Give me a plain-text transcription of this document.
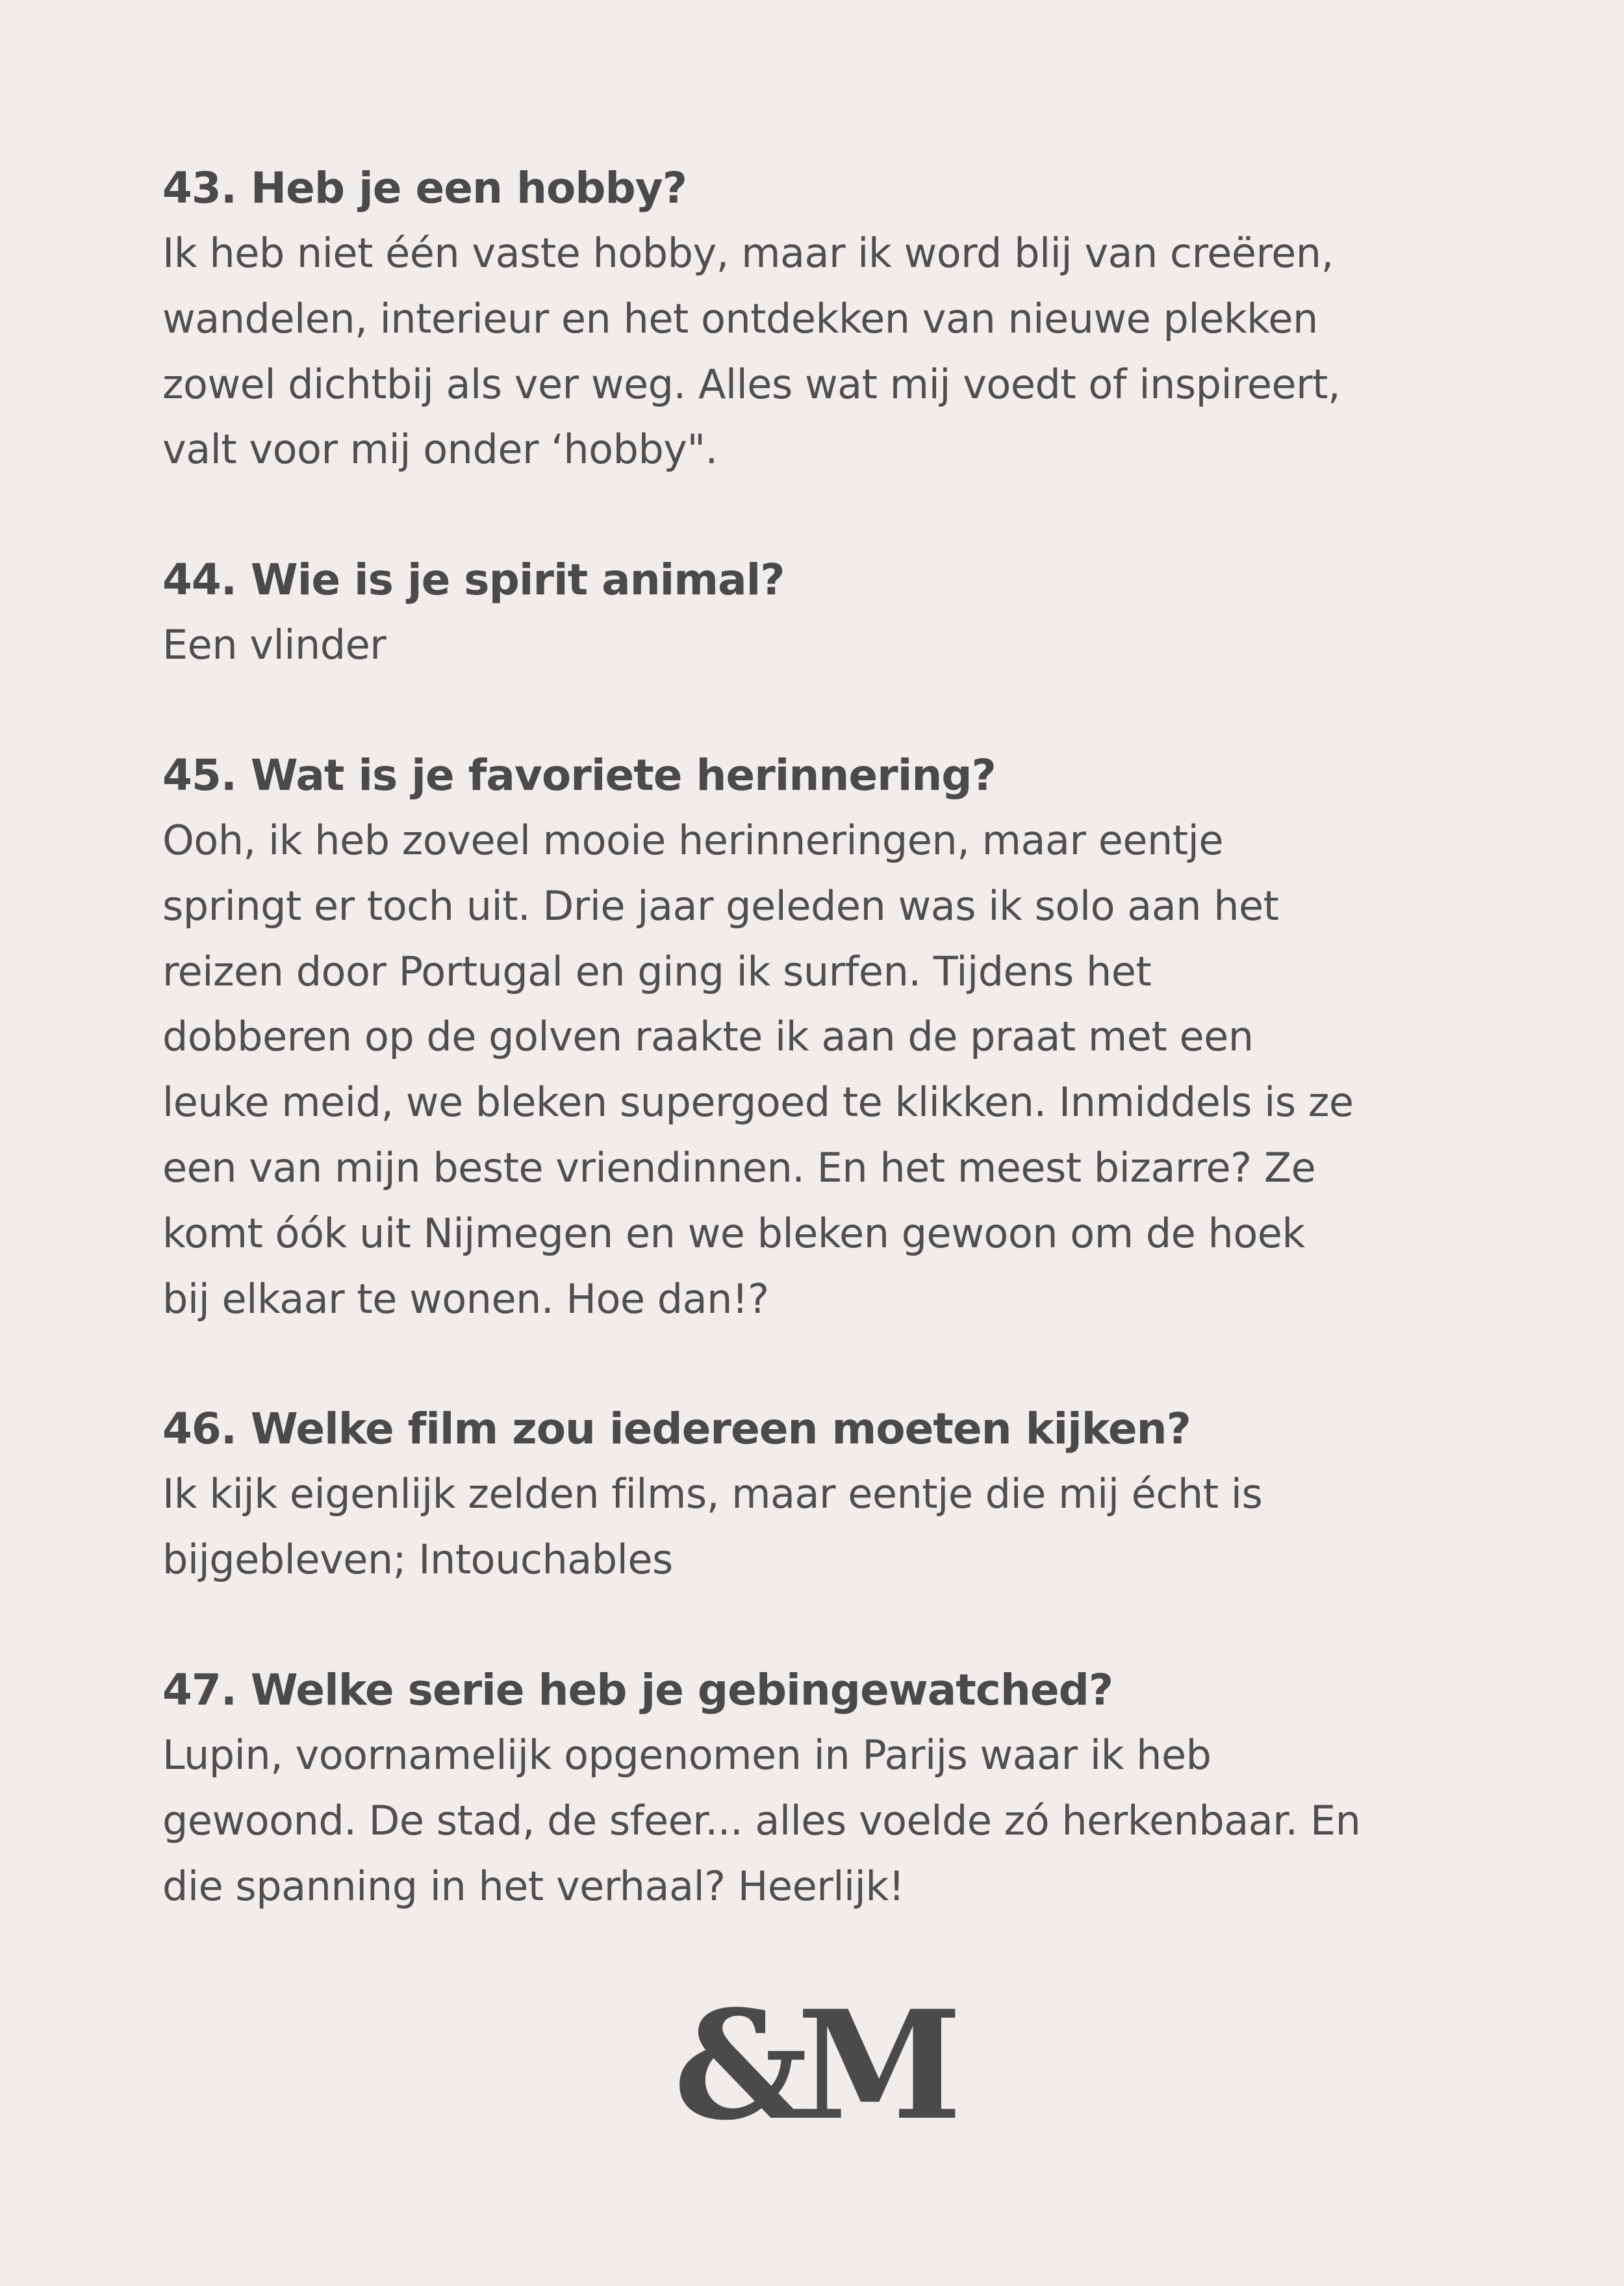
43. Heb je een hobby?

Ik heb niet één vaste hobby, maar ik word blij van creëren,

wandelen, interieur en het ontdekken van nieuwe plekken

zowel dichtbij als ver weg. Alles wat mij voedt of inspireert,

valt voor mij onder ‘hobby".

44. Wie is je spirit animal?

Een vlinder

45. Wat is je favoriete herinnering?

Ooh, ik heb zoveel mooie herinneringen, maar eentje

springt er toch uit. Drie jaar geleden was ik solo aan het

reizen door Portugal en ging ik surfen. Tijdens het

dobberen op de golven raakte ik aan de praat met een

leuke meid, we bleken supergoed te klikken. Inmiddels is ze

een van mijn beste vriendinnen. En het meest bizarre? Ze

komt óók uit Nijmegen en we bleken gewoon om de hoek

bij elkaar te wonen. Hoe dan!?

46. Welke film zou iedereen moeten kijken?

Ik kijk eigenlijk zelden films, maar eentje die mij écht is

bijgebleven; Intouchables

47. Welke serie heb je gebingewatched?

Lupin, voornamelijk opgenomen in Parijs waar ik heb

gewoond. De stad, de sfeer... alles voelde zó herkenbaar. En

die spanning in het verhaal? Heerlijk!

&M
